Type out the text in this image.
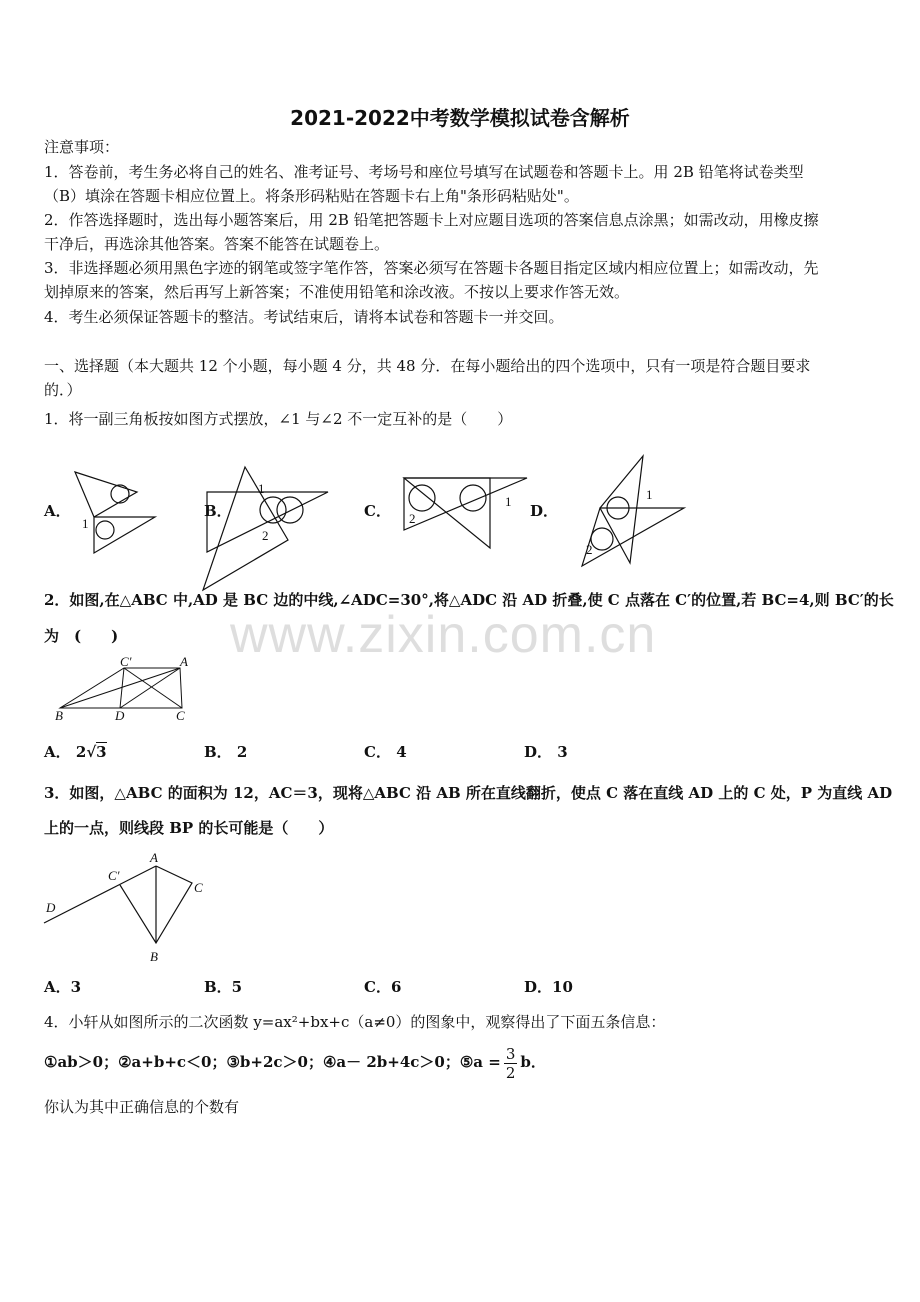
www.zixin.com.cn
2021-2022中考数学模拟试卷含解析
注意事项：
1．答卷前，考生务必将自己的姓名、准考证号、考场号和座位号填写在试题卷和答题卡上。用 2B 铅笔将试卷类型
（B）填涂在答题卡相应位置上。将条形码粘贴在答题卡右上角"条形码粘贴处"。
2．作答选择题时，选出每小题答案后，用 2B 铅笔把答题卡上对应题目选项的答案信息点涂黑；如需改动，用橡皮擦
干净后，再选涂其他答案。答案不能答在试题卷上。
3．非选择题必须用黑色字迹的钢笔或签字笔作答，答案必须写在答题卡各题目指定区域内相应位置上；如需改动，先
划掉原来的答案，然后再写上新答案；不准使用铅笔和涂改液。不按以上要求作答无效。
4．考生必须保证答题卡的整洁。考试结束后，请将本试卷和答题卡一并交回。
一、选择题（本大题共 12 个小题，每小题 4 分，共 48 分．在每小题给出的四个选项中，只有一项是符合题目要求
的．）
1．将一副三角板按如图方式摆放，∠1 与∠2 不一定互补的是（　　）
A．	B．	C．	D．
1
1
2
1
2
1
2
2．如图,在△ABC 中,AD 是 BC 边的中线,∠ADC=30°,将△ADC 沿 AD 折叠,使 C 点落在 C′的位置,若 BC=4,则 BC′的长
为　(　　)
B	D	C
C′	A
A． 2√3	B． 2	C． 4	D． 3
3．如图，△ABC 的面积为 12，AC＝3，现将△ABC 沿 AB 所在直线翻折，使点 C 落在直线 AD 上的 C 处，P 为直线 AD
上的一点，则线段 BP 的长可能是（　　）
A
B
C
C′
D
A．3	B．5	C．6	D．10
4．小轩从如图所示的二次函数 y=ax²+bx+c（a≠0）的图象中，观察得出了下面五条信息：
①ab＞0；②a+b+c＜0；③b+2c＞0；④a－ 2b+4c＞0；⑤a = $\frac{3}{2}$ b．
你认为其中正确信息的个数有
